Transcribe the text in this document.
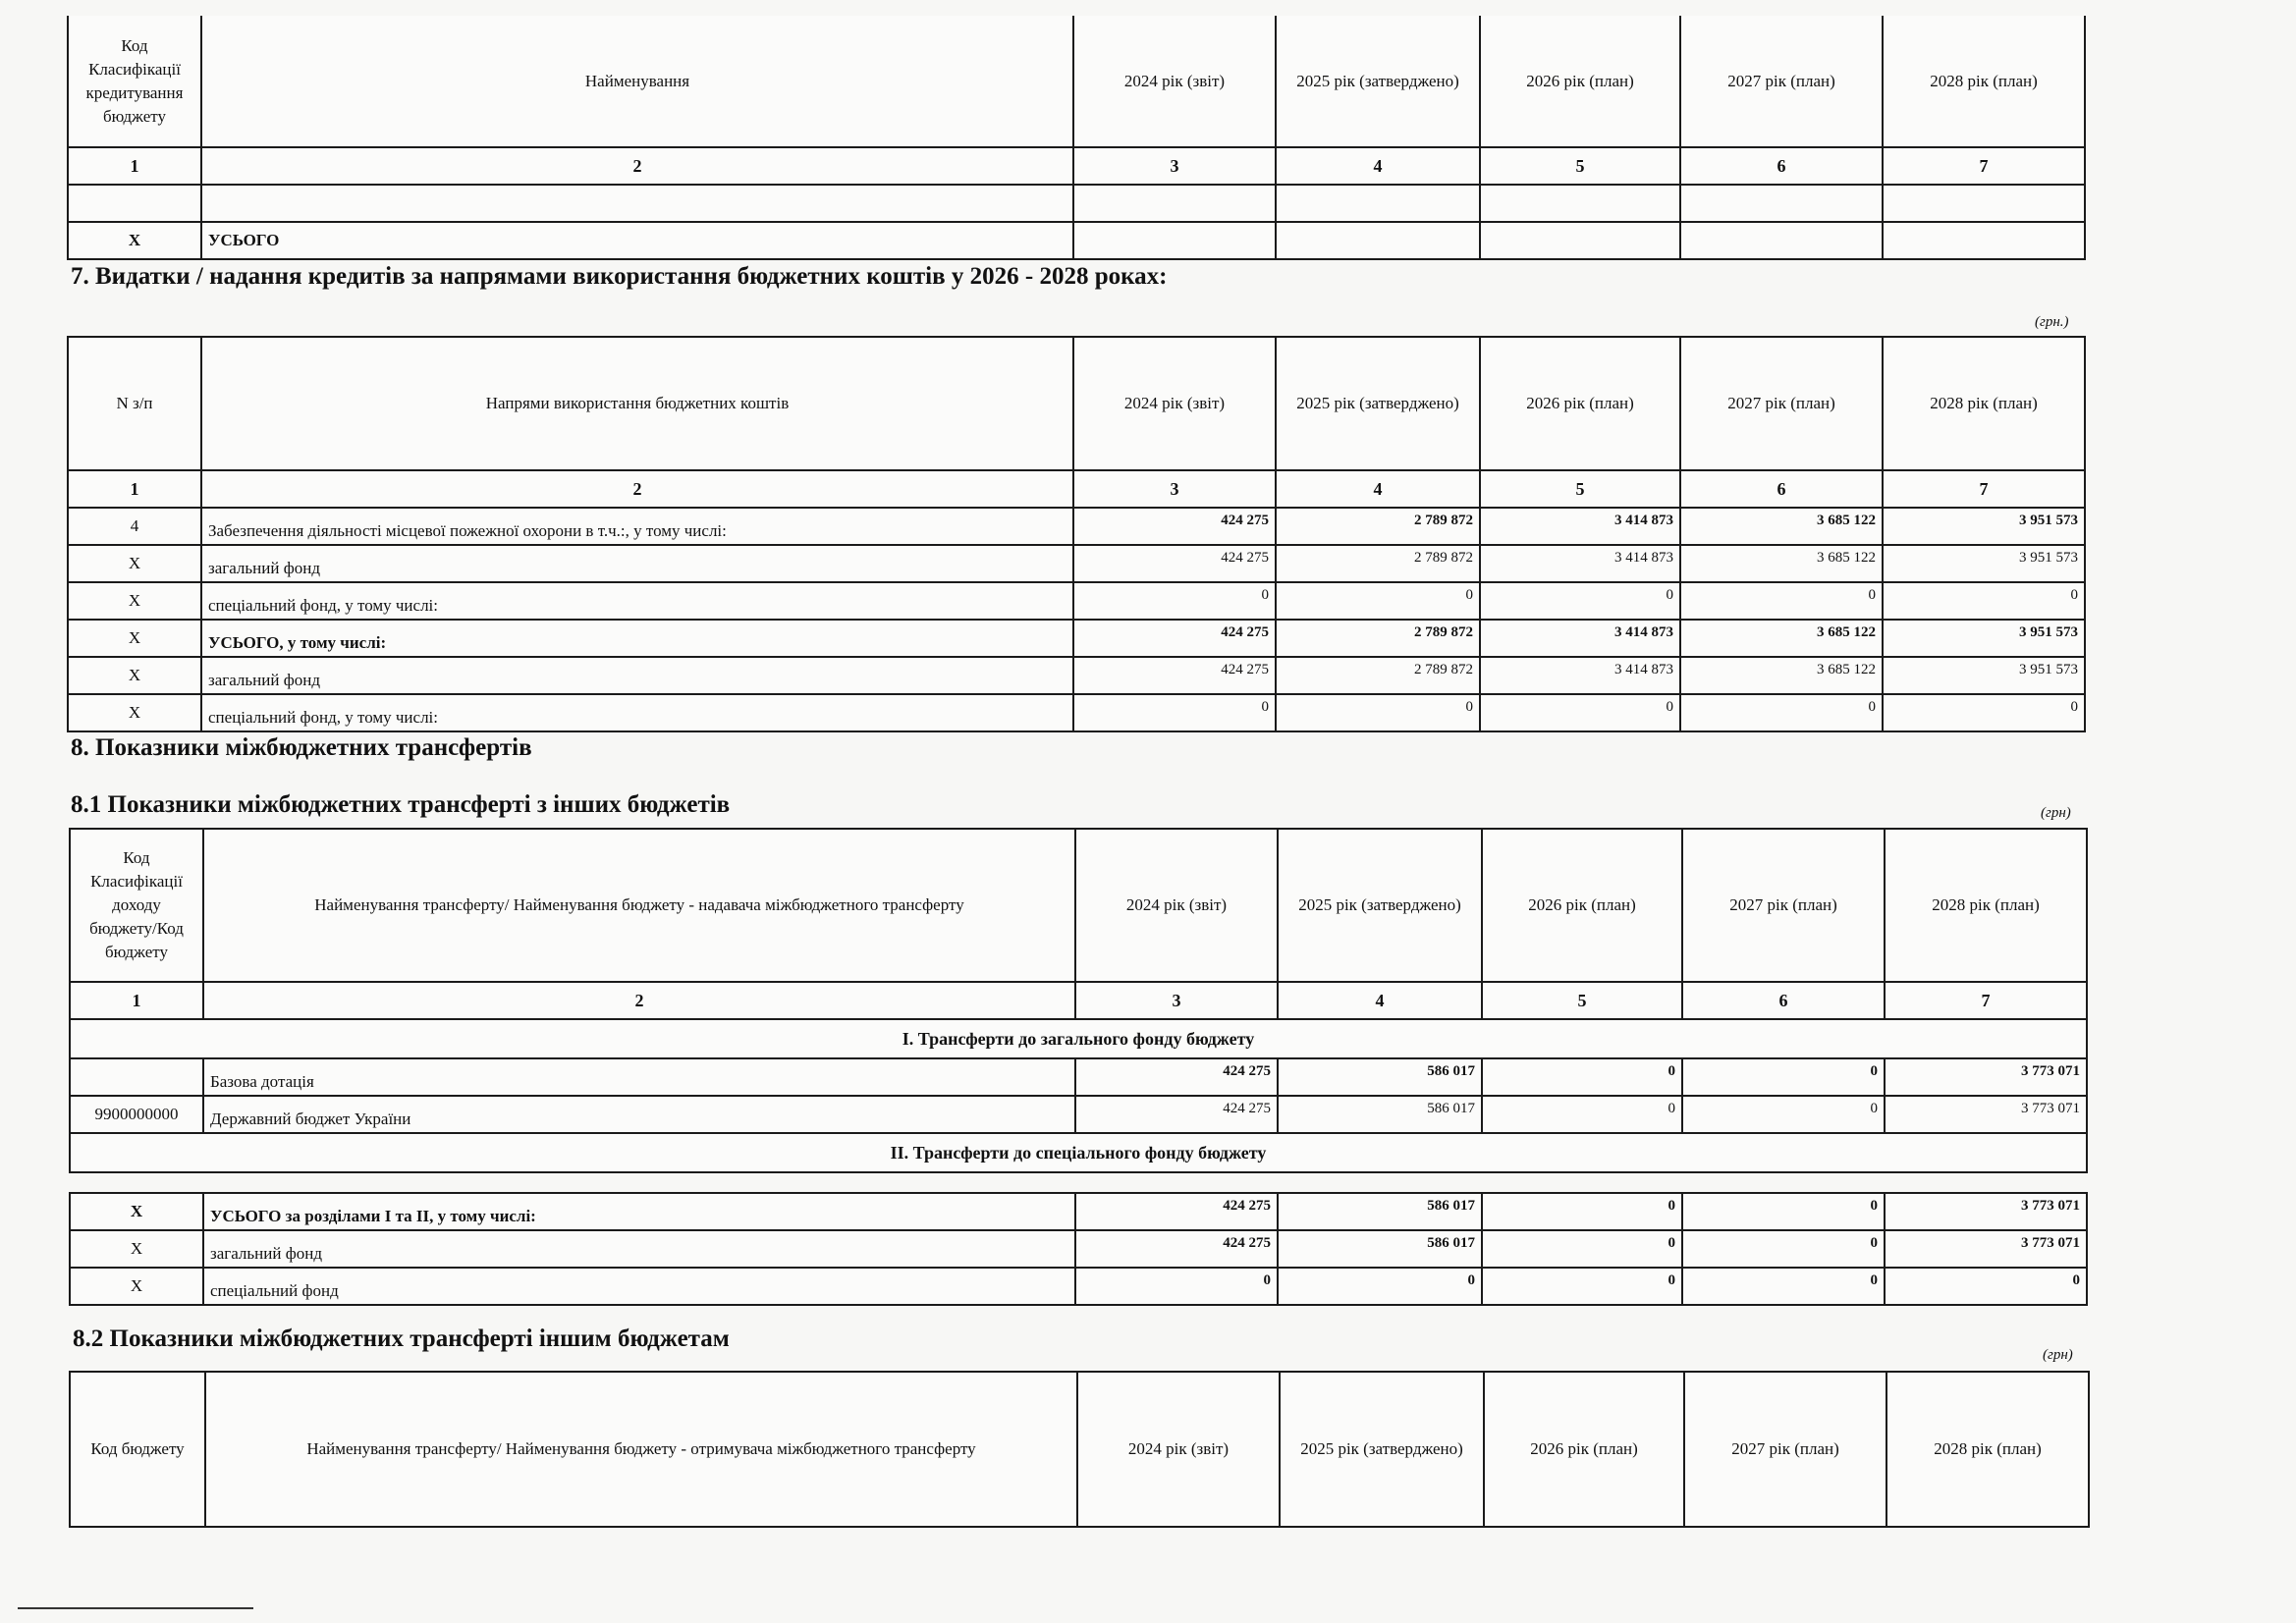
Код Класифікації кредитування бюджету	Найменування	2024 рік (звіт)	2025 рік (затверджено)	2026 рік (план)	2027 рік (план)	2028 рік (план)
1	2	3	4	5	6	7

Х	УСЬОГО					
7. Видатки / надання кредитів за напрямами використання бюджетних коштів у 2026 - 2028 роках:
(грн.)
N з/п	Напрями використання бюджетних коштів	2024 рік (звіт)	2025 рік (затверджено)	2026 рік (план)	2027 рік (план)	2028 рік (план)
1	2	3	4	5	6	7
4	Забезпечення діяльності місцевої пожежної охорони в т.ч.:, у тому числі:	424 275	2 789 872	3 414 873	3 685 122	3 951 573
Х	загальний фонд	424 275	2 789 872	3 414 873	3 685 122	3 951 573
Х	спеціальний фонд, у тому числі:	0	0	0	0	0
Х	УСЬОГО, у тому числі:	424 275	2 789 872	3 414 873	3 685 122	3 951 573
Х	загальний фонд	424 275	2 789 872	3 414 873	3 685 122	3 951 573
Х	спеціальний фонд, у тому числі:	0	0	0	0	0
8. Показники міжбюджетних трансфертів
8.1 Показники міжбюджетних трансферті з інших бюджетів	(грн)
Код Класифікації доходу бюджету/Код бюджету	Найменування трансферту/ Найменування бюджету - надавача міжбюджетного трансферту	2024 рік (звіт)	2025 рік (затверджено)	2026 рік (план)	2027 рік (план)	2028 рік (план)
1	2	3	4	5	6	7
І. Трансферти до загального фонду бюджету						
	Базова дотація	424 275	586 017	0	0	3 773 071
9900000000	Державний бюджет України	424 275	586 017	0	0	3 773 071
ІІ. Трансферти до спеціального фонду бюджету						
Х	УСЬОГО за розділами І та ІІ, у тому числі:	424 275	586 017	0	0	3 773 071
Х	загальний фонд	424 275	586 017	0	0	3 773 071
Х	спеціальний фонд	0	0	0	0	0
8.2 Показники міжбюджетних трансферті іншим бюджетам
(грн)
Код бюджету	Найменування трансферту/ Найменування бюджету - отримувача міжбюджетного трансферту	2024 рік (звіт)	2025 рік (затверджено)	2026 рік (план)	2027 рік (план)	2028 рік (план)
